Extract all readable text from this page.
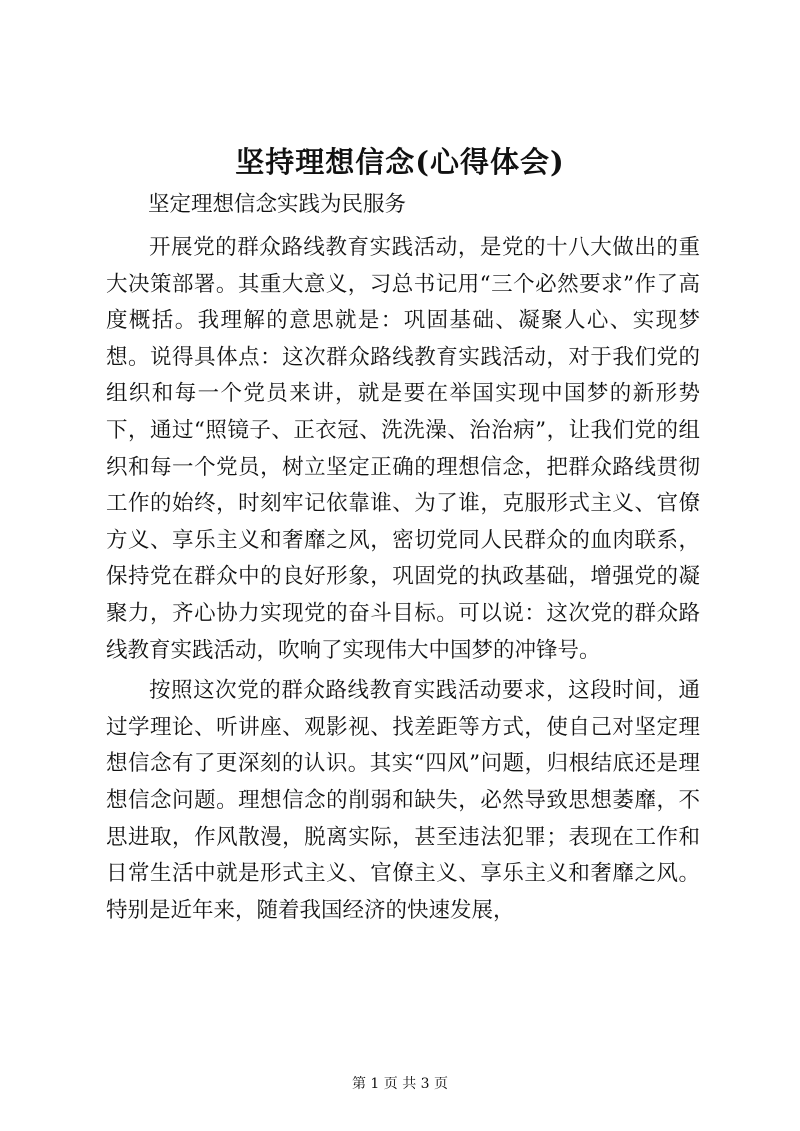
坚持理想信念(心得体会)
坚定理想信念实践为民服务

开展党的群众路线教育实践活动，是党的十八大做出的重大决策部署。其重大意义，习总书记用“三个必然要求”作了高度概括。我理解的意思就是：巩固基础、凝聚人心、实现梦想。说得具体点：这次群众路线教育实践活动，对于我们党的组织和每一个党员来讲，就是要在举国实现中国梦的新形势下，通过“照镜子、正衣冠、洗洗澡、治治病”，让我们党的组织和每一个党员，树立坚定正确的理想信念，把群众路线贯彻工作的始终，时刻牢记依靠谁、为了谁，克服形式主义、官僚方义、享乐主义和奢靡之风，密切党同人民群众的血肉联系，保持党在群众中的良好形象，巩固党的执政基础，增强党的凝聚力，齐心协力实现党的奋斗目标。可以说：这次党的群众路线教育实践活动，吹响了实现伟大中国梦的冲锋号。

按照这次党的群众路线教育实践活动要求，这段时间，通过学理论、听讲座、观影视、找差距等方式，使自己对坚定理想信念有了更深刻的认识。其实“四风”问题，归根结底还是理想信念问题。理想信念的削弱和缺失，必然导致思想萎靡，不思进取，作风散漫，脱离实际，甚至违法犯罪；表现在工作和日常生活中就是形式主义、官僚主义、享乐主义和奢靡之风。特别是近年来，随着我国经济的快速发展，

第 1 页 共 3 页
